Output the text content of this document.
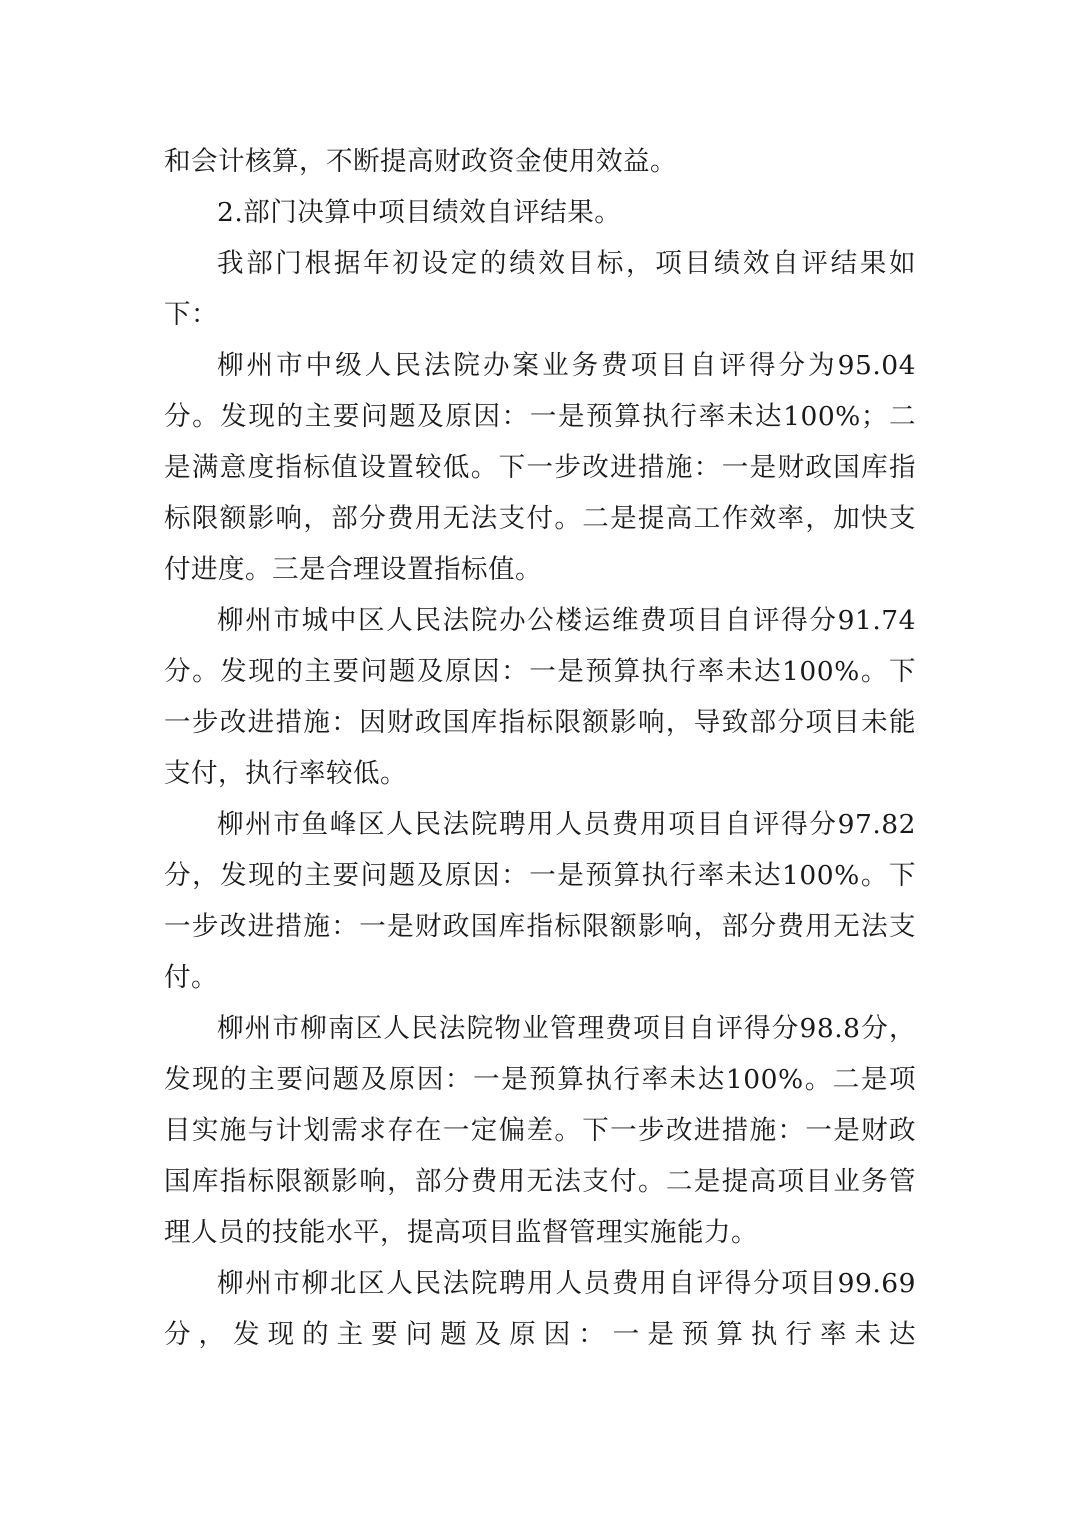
和会计核算，不断提高财政资金使用效益。

2.部门决算中项目绩效自评结果。

我部门根据年初设定的绩效目标，项目绩效自评结果如下：

柳州市中级人民法院办案业务费项目自评得分为95.04分。发现的主要问题及原因：一是预算执行率未达100%；二是满意度指标值设置较低。下一步改进措施：一是财政国库指标限额影响，部分费用无法支付。二是提高工作效率，加快支付进度。三是合理设置指标值。

柳州市城中区人民法院办公楼运维费项目自评得分91.74分。发现的主要问题及原因：一是预算执行率未达100%。下一步改进措施：因财政国库指标限额影响，导致部分项目未能支付，执行率较低。

柳州市鱼峰区人民法院聘用人员费用项目自评得分97.82分，发现的主要问题及原因：一是预算执行率未达100%。下一步改进措施：一是财政国库指标限额影响，部分费用无法支付。

柳州市柳南区人民法院物业管理费项目自评得分98.8分，发现的主要问题及原因：一是预算执行率未达100%。二是项目实施与计划需求存在一定偏差。下一步改进措施：一是财政国库指标限额影响，部分费用无法支付。二是提高项目业务管理人员的技能水平，提高项目监督管理实施能力。

柳州市柳北区人民法院聘用人员费用自评得分项目99.69分，发现的主要问题及原因：一是预算执行率未达
